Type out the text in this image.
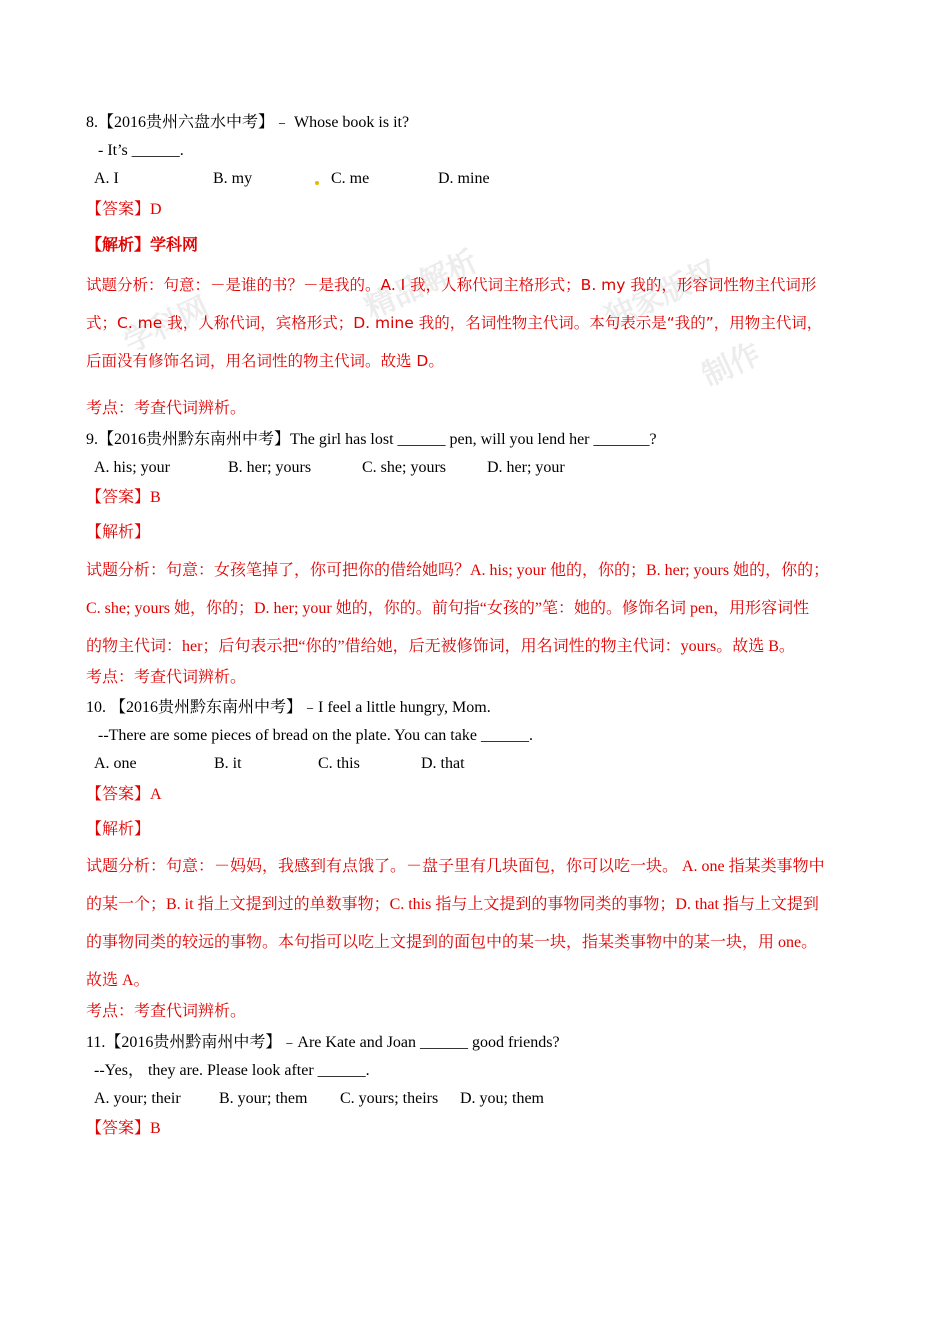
学科网	精品解析	独家版权
制作
8.【2016贵州六盘水中考】﹣ Whose book is it?
- It’s ______.
A. I	B. my	C. me	D. mine
【答案】D
【解析】学科网
试题分析：句意：－是谁的书？－是我的。A. I 我，人称代词主格形式；B. my 我的，形容词性物主代词形
式；C. me 我，人称代词，宾格形式；D. mine 我的，名词性物主代词。本句表示是“我的”，用物主代词，
后面没有修饰名词，用名词性的物主代词。故选 D。
考点：考查代词辨析。
9.【2016贵州黔东南州中考】The girl has lost ______ pen, will you lend her _______?
A. his; your	B. her; yours	C. she; yours	D. her; your
【答案】B
【解析】
试题分析：句意：女孩笔掉了，你可把你的借给她吗？A. his; your 他的，你的；B. her; yours 她的，你的；
C. she; yours 她，你的；D. her; your 她的，你的。前句指“女孩的”笔：她的。修饰名词 pen，用形容词性
的物主代词：her；后句表示把“你的”借给她，后无被修饰词，用名词性的物主代词：yours。故选 B。
考点：考查代词辨析。
10. 【2016贵州黔东南州中考】﹣I feel a little hungry, Mom.
--There are some pieces of bread on the plate. You can take ______.
A. one	B. it	C. this	D. that
【答案】A
【解析】
试题分析：句意：－妈妈，我感到有点饿了。－盘子里有几块面包，你可以吃一块。 A. one 指某类事物中
的某一个；B. it 指上文提到过的单数事物；C. this 指与上文提到的事物同类的事物；D. that 指与上文提到
的事物同类的较远的事物。本句指可以吃上文提到的面包中的某一块，指某类事物中的某一块，用 one。
故选 A。
考点：考查代词辨析。
11.【2016贵州黔南州中考】﹣Are Kate and Joan ______ good friends?
--Yes， they are. Please look after ______.
A. your; their B. your; them C. yours; theirs D. you; them
【答案】B
